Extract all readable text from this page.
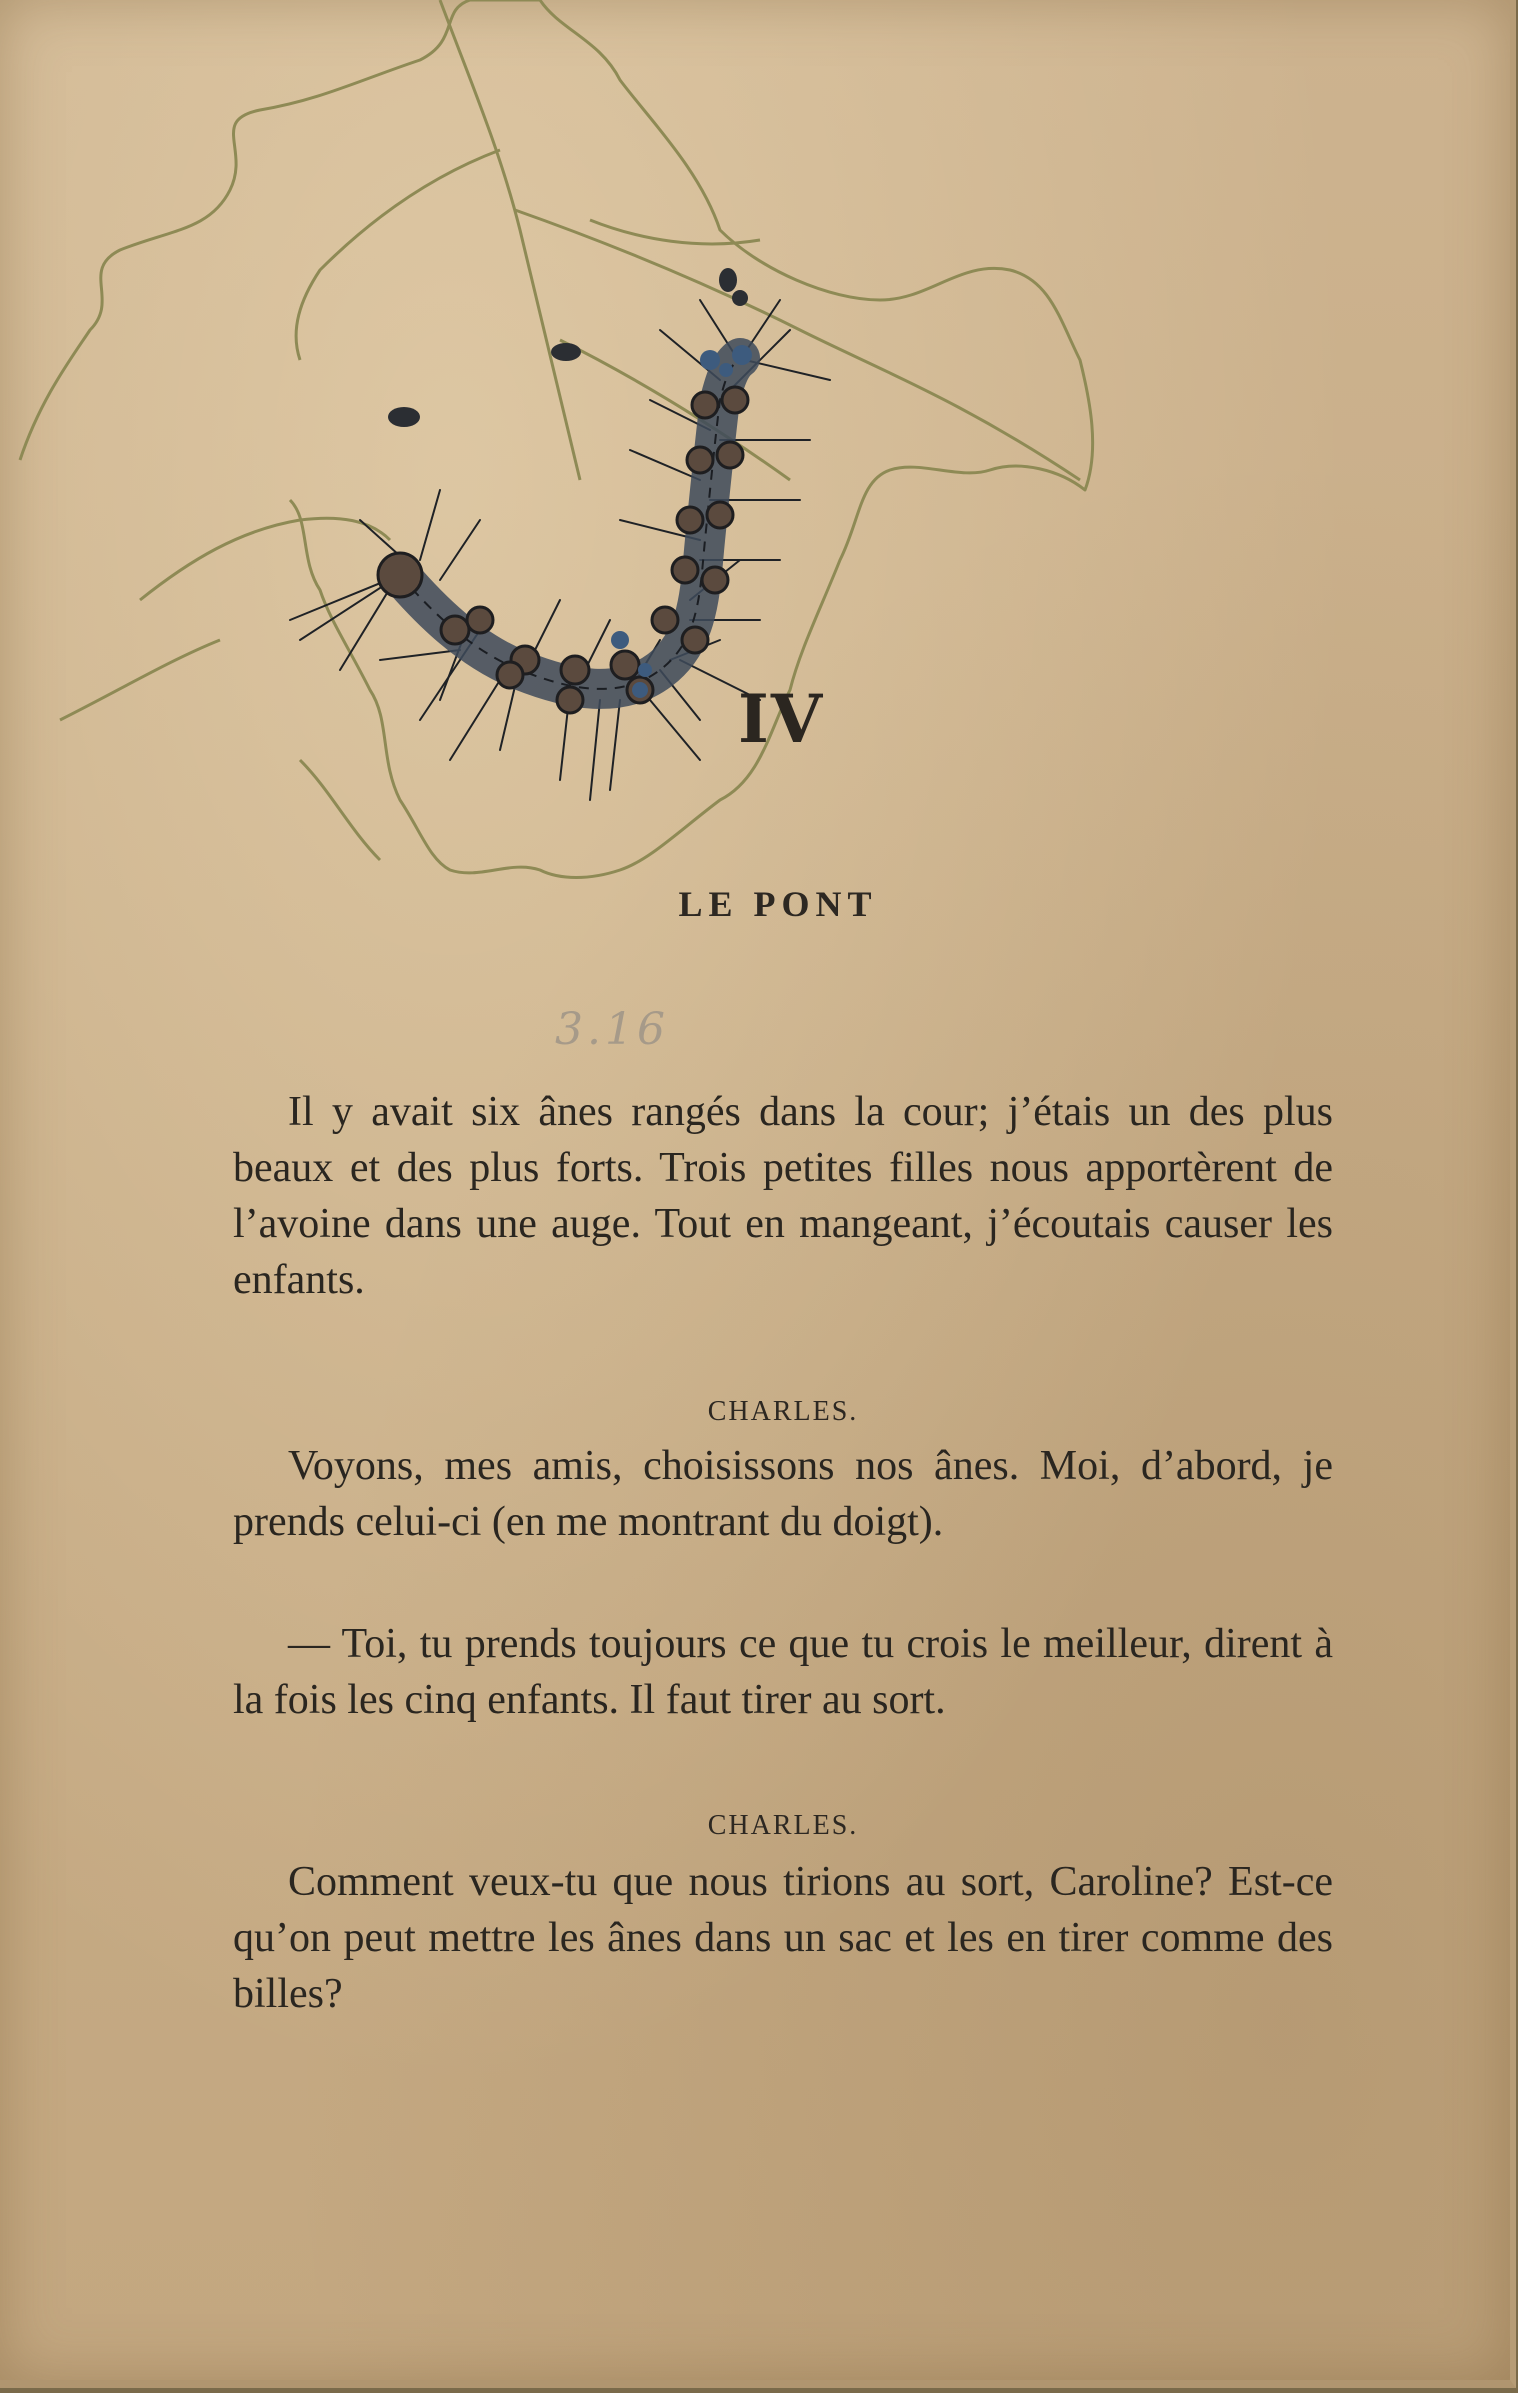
IV
LE PONT
3.16

Il y avait six ânes rangés dans la cour; j’étais un des plus beaux et des plus forts. Trois petites filles nous apportèrent de l’avoine dans une auge. Tout en mangeant, j’écoutais causer les enfants.

CHARLES.

Voyons, mes amis, choisissons nos ânes. Moi, d’abord, je prends celui-ci (en me montrant du doigt).

— Toi, tu prends toujours ce que tu crois le meilleur, dirent à la fois les cinq enfants. Il faut tirer au sort.

CHARLES.

Comment veux-tu que nous tirions au sort, Caroline? Est-ce qu’on peut mettre les ânes dans un sac et les en tirer comme des billes?
